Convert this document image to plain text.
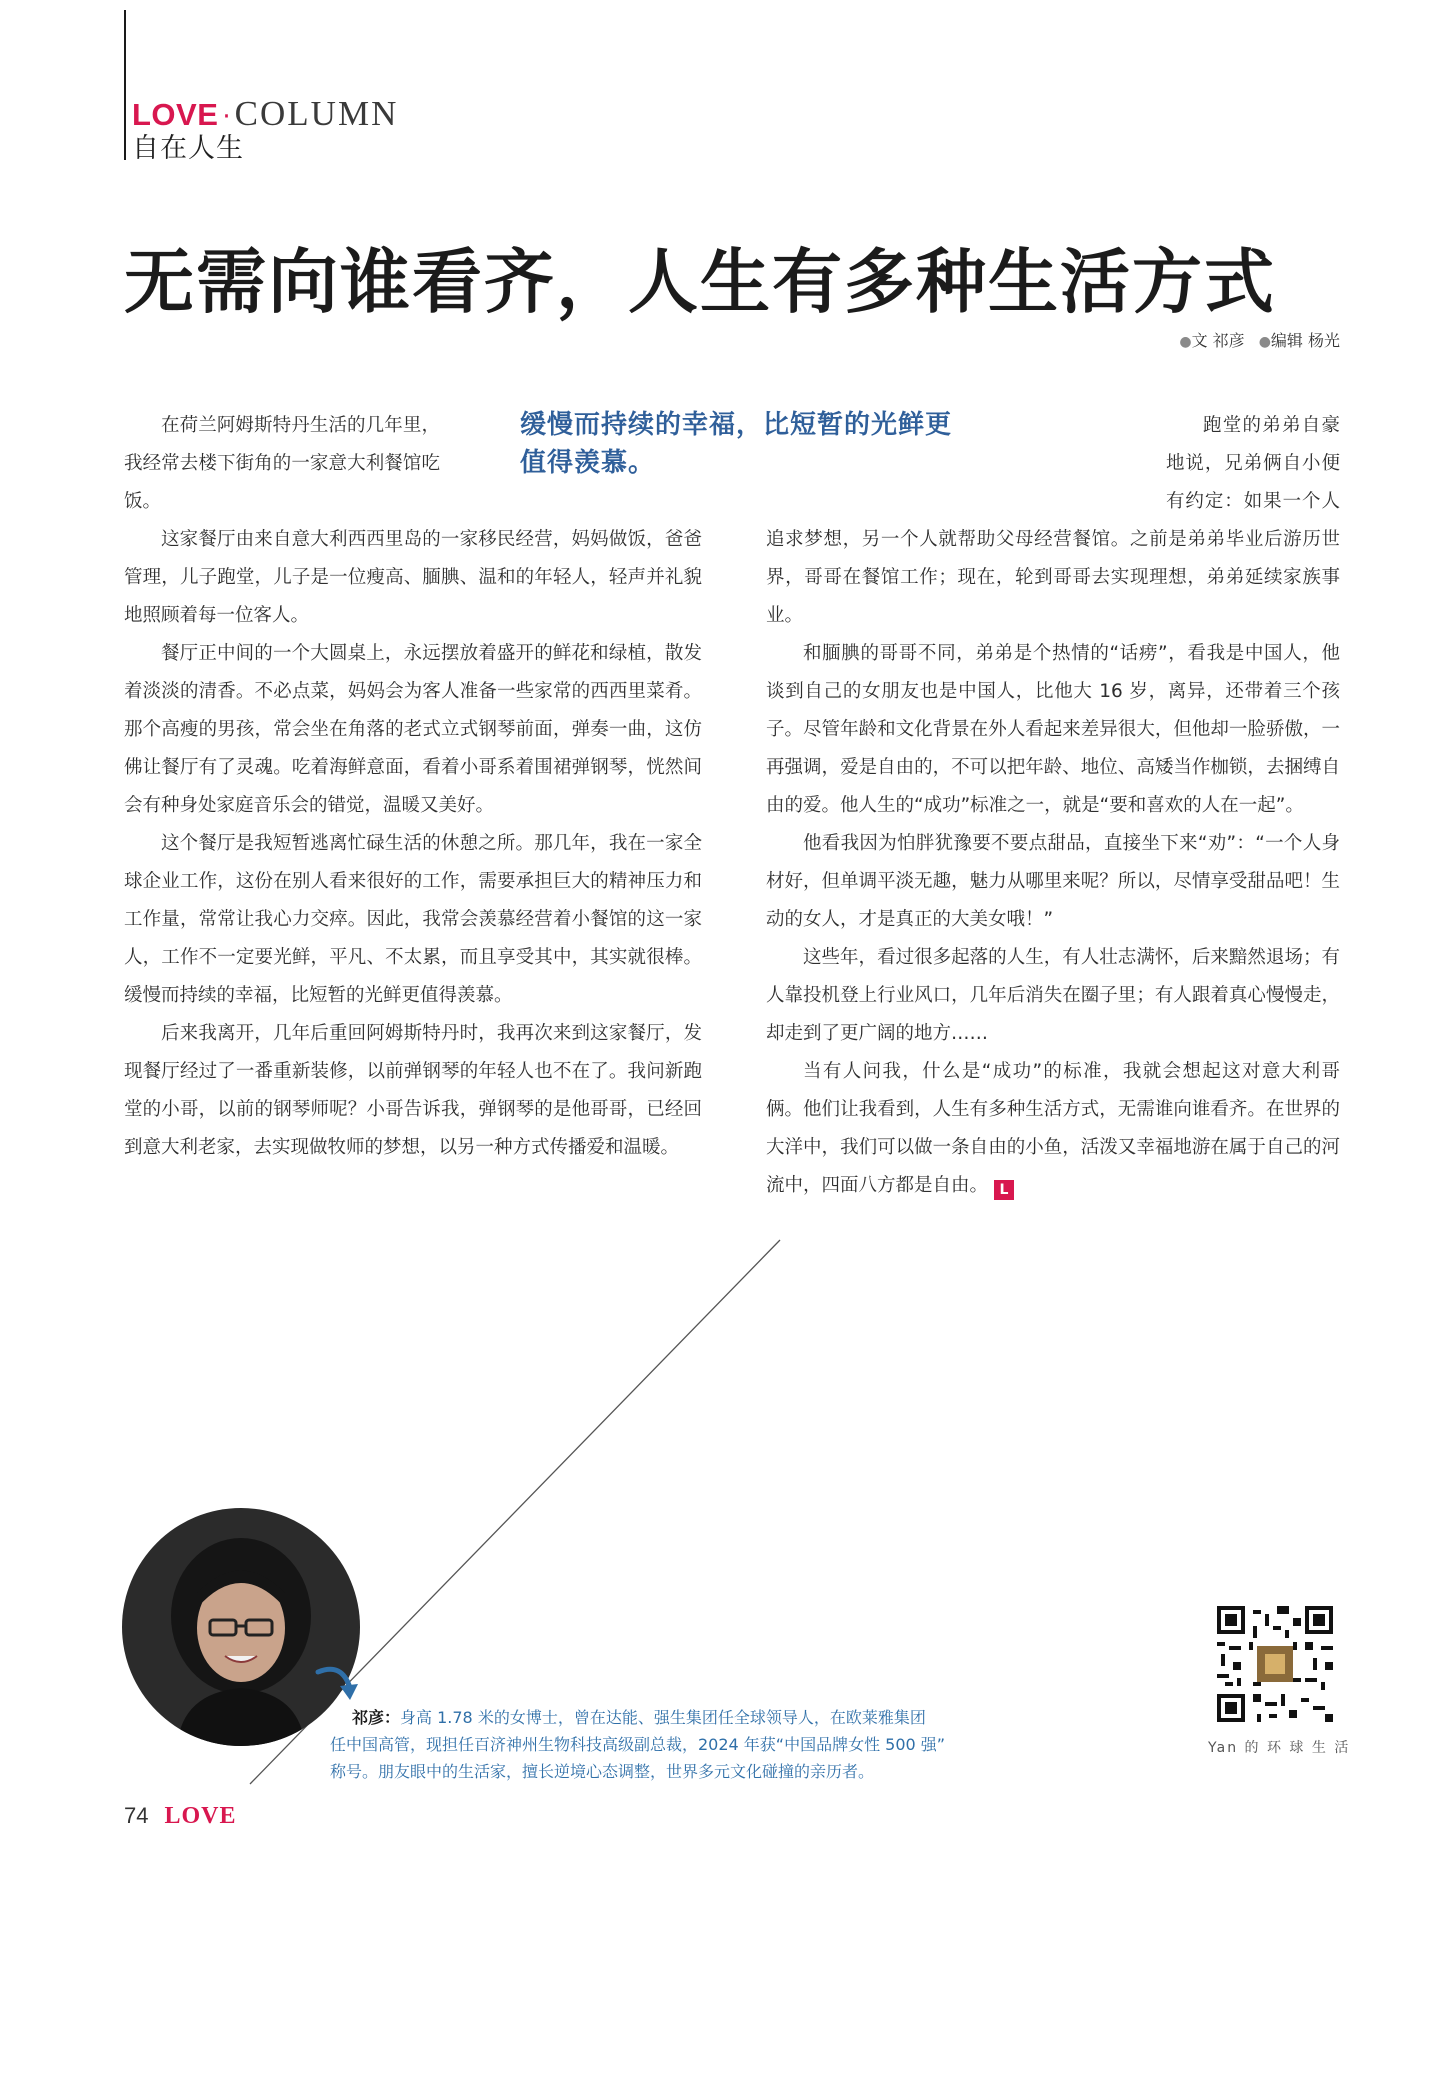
LOVE · COLUMN
自在人生
无需向谁看齐，人生有多种生活方式
●文 祁彦 ●编辑 杨光

缓慢而持续的幸福，比短暂的光鲜更值得羡慕。

在荷兰阿姆斯特丹生活的几年里，我经常去楼下街角的一家意大利餐馆吃饭。

这家餐厅由来自意大利西西里岛的一家移民经营，妈妈做饭，爸爸管理，儿子跑堂，儿子是一位瘦高、腼腆、温和的年轻人，轻声并礼貌地照顾着每一位客人。

餐厅正中间的一个大圆桌上，永远摆放着盛开的鲜花和绿植，散发着淡淡的清香。不必点菜，妈妈会为客人准备一些家常的西西里菜肴。那个高瘦的男孩，常会坐在角落的老式立式钢琴前面，弹奏一曲，这仿佛让餐厅有了灵魂。吃着海鲜意面，看着小哥系着围裙弹钢琴，恍然间会有种身处家庭音乐会的错觉，温暖又美好。

这个餐厅是我短暂逃离忙碌生活的休憩之所。那几年，我在一家全球企业工作，这份在别人看来很好的工作，需要承担巨大的精神压力和工作量，常常让我心力交瘁。因此，我常会羡慕经营着小餐馆的这一家人，工作不一定要光鲜，平凡、不太累，而且享受其中，其实就很棒。缓慢而持续的幸福，比短暂的光鲜更值得羡慕。

后来我离开，几年后重回阿姆斯特丹时，我再次来到这家餐厅，发现餐厅经过了一番重新装修，以前弹钢琴的年轻人也不在了。我问新跑堂的小哥，以前的钢琴师呢？小哥告诉我，弹钢琴的是他哥哥，已经回到意大利老家，去实现做牧师的梦想，以另一种方式传播爱和温暖。

跑堂的弟弟自豪地说，兄弟俩自小便有约定：如果一个人追求梦想，另一个人就帮助父母经营餐馆。之前是弟弟毕业后游历世界，哥哥在餐馆工作；现在，轮到哥哥去实现理想，弟弟延续家族事业。

和腼腆的哥哥不同，弟弟是个热情的“话痨”，看我是中国人，他谈到自己的女朋友也是中国人，比他大 16 岁，离异，还带着三个孩子。尽管年龄和文化背景在外人看起来差异很大，但他却一脸骄傲，一再强调，爱是自由的，不可以把年龄、地位、高矮当作枷锁，去捆缚自由的爱。他人生的“成功”标准之一，就是“要和喜欢的人在一起”。

他看我因为怕胖犹豫要不要点甜品，直接坐下来“劝”：“一个人身材好，但单调平淡无趣，魅力从哪里来呢？所以，尽情享受甜品吧！生动的女人，才是真正的大美女哦！”

这些年，看过很多起落的人生，有人壮志满怀，后来黯然退场；有人靠投机登上行业风口，几年后消失在圈子里；有人跟着真心慢慢走，却走到了更广阔的地方……

当有人问我，什么是“成功”的标准，我就会想起这对意大利哥俩。他们让我看到，人生有多种生活方式，无需谁向谁看齐。在世界的大洋中，我们可以做一条自由的小鱼，活泼又幸福地游在属于自己的河流中，四面八方都是自由。 L

祁彦：身高 1.78 米的女博士，曾在达能、强生集团任全球领导人，在欧莱雅集团
任中国高管，现担任百济神州生物科技高级副总裁，2024 年获“中国品牌女性 500 强”
称号。朋友眼中的生活家，擅长逆境心态调整，世界多元文化碰撞的亲历者。
Yan 的 环 球 生 活
74 LOVE
